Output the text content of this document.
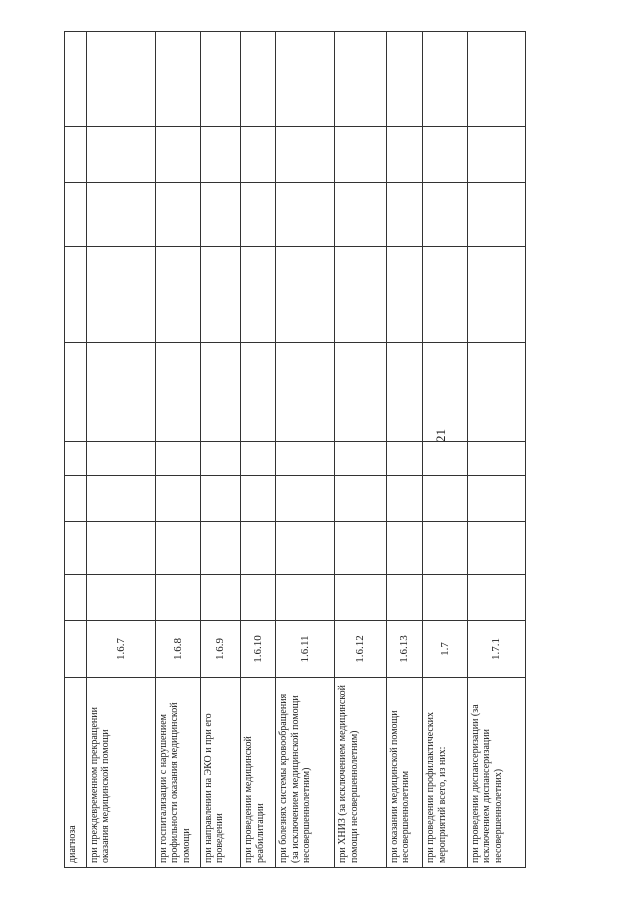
21
диагноза										
при преждевременном прекращении оказания медицинской помощи	1.6.7									
при госпитализации с нарушением профильности оказания медицинской помощи	1.6.8									
при направлении на ЭКО и при его проведении	1.6.9									
при проведении медицинской реабилитации	1.6.10									
при болезнях системы кровообращения (за исключением медицинской помощи несовершеннолетним)	1.6.11									
при ХНИЗ (за исключением медицинской помощи несовершеннолетним)	1.6.12									
при оказании медицинской помощи несовершеннолетним	1.6.13									
при проведении профилактических мероприятий всего, из них:	1.7									
при проведении диспансеризации (за исключением диспансеризации несовершеннолетних)	1.7.1									
